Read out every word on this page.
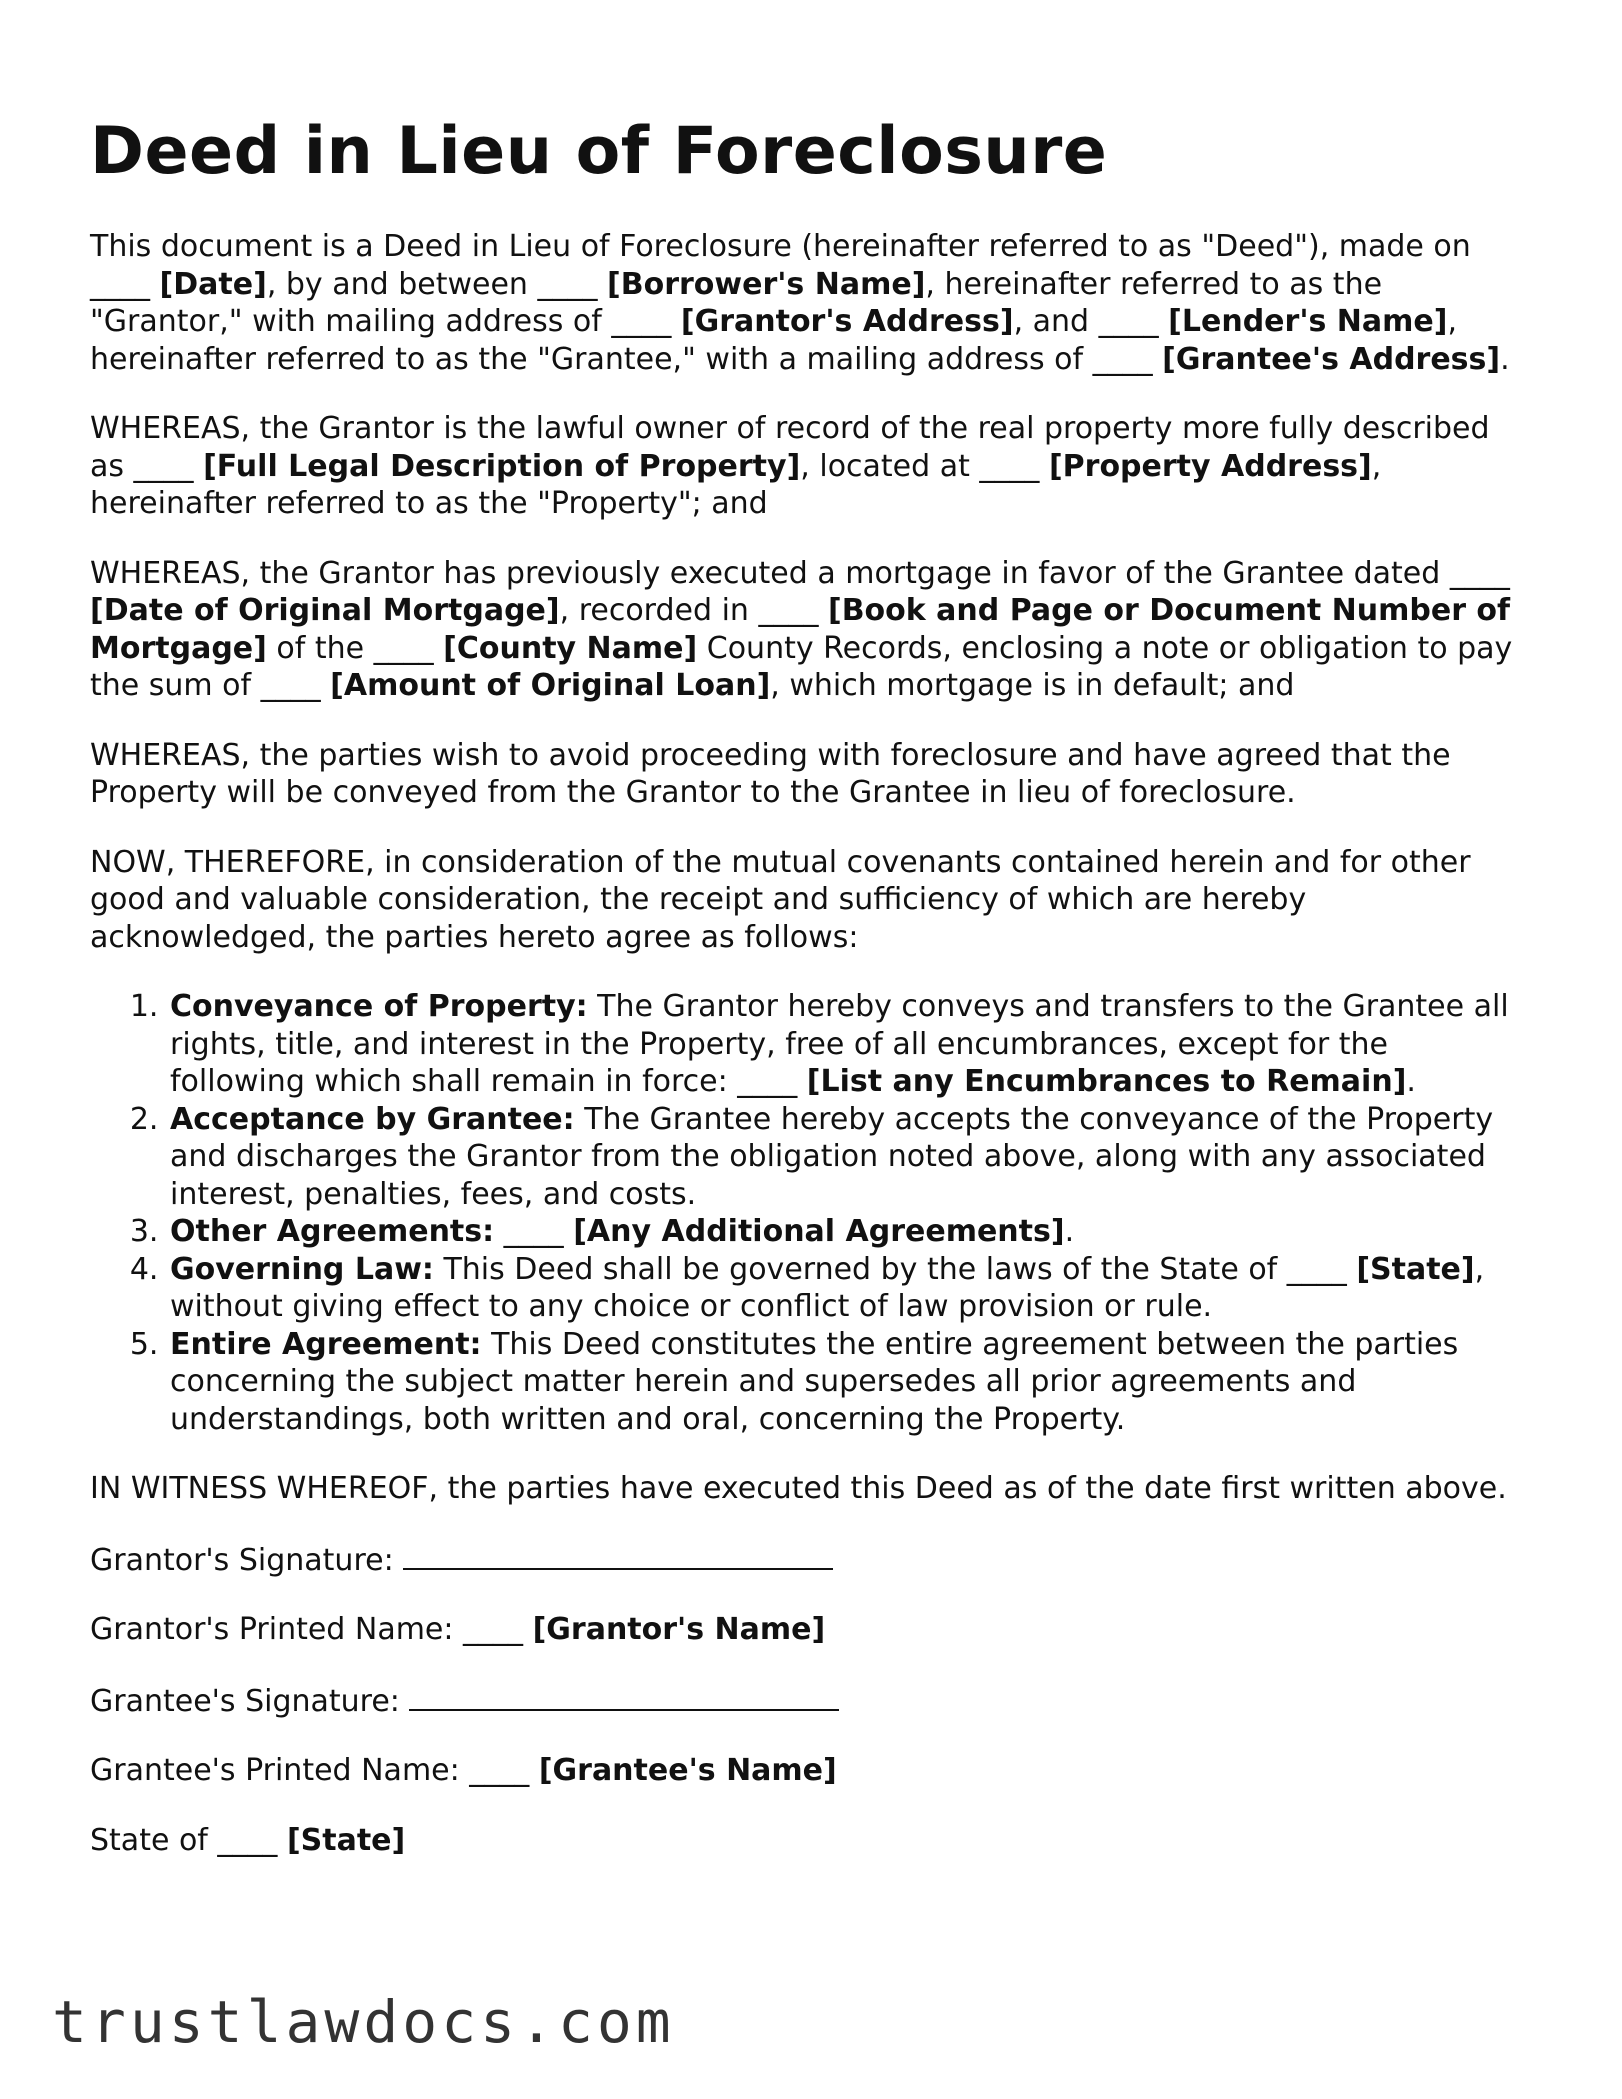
Deed in Lieu of Foreclosure

This document is a Deed in Lieu of Foreclosure (hereinafter referred to as "Deed"), made on ____ [Date], by and between ____ [Borrower's Name], hereinafter referred to as the "Grantor," with mailing address of ____ [Grantor's Address], and ____ [Lender's Name], hereinafter referred to as the "Grantee," with a mailing address of ____ [Grantee's Address].

WHEREAS, the Grantor is the lawful owner of record of the real property more fully described as ____ [Full Legal Description of Property], located at ____ [Property Address], hereinafter referred to as the "Property"; and

WHEREAS, the Grantor has previously executed a mortgage in favor of the Grantee dated ____ [Date of Original Mortgage], recorded in ____ [Book and Page or Document Number of Mortgage] of the ____ [County Name] County Records, enclosing a note or obligation to pay the sum of ____ [Amount of Original Loan], which mortgage is in default; and

WHEREAS, the parties wish to avoid proceeding with foreclosure and have agreed that the Property will be conveyed from the Grantor to the Grantee in lieu of foreclosure.

NOW, THEREFORE, in consideration of the mutual covenants contained herein and for other good and valuable consideration, the receipt and sufficiency of which are hereby acknowledged, the parties hereto agree as follows:

1. Conveyance of Property: The Grantor hereby conveys and transfers to the Grantee all rights, title, and interest in the Property, free of all encumbrances, except for the following which shall remain in force: ____ [List any Encumbrances to Remain].
2. Acceptance by Grantee: The Grantee hereby accepts the conveyance of the Property and discharges the Grantor from the obligation noted above, along with any associated interest, penalties, fees, and costs.
3. Other Agreements: ____ [Any Additional Agreements].
4. Governing Law: This Deed shall be governed by the laws of the State of ____ [State], without giving effect to any choice or conflict of law provision or rule.
5. Entire Agreement: This Deed constitutes the entire agreement between the parties concerning the subject matter herein and supersedes all prior agreements and understandings, both written and oral, concerning the Property.

IN WITNESS WHEREOF, the parties have executed this Deed as of the date first written above.

Grantor's Signature:

Grantor's Printed Name: ____ [Grantor's Name]

Grantee's Signature:

Grantee's Printed Name: ____ [Grantee's Name]

State of ____ [State]

trustlawdocs.com
